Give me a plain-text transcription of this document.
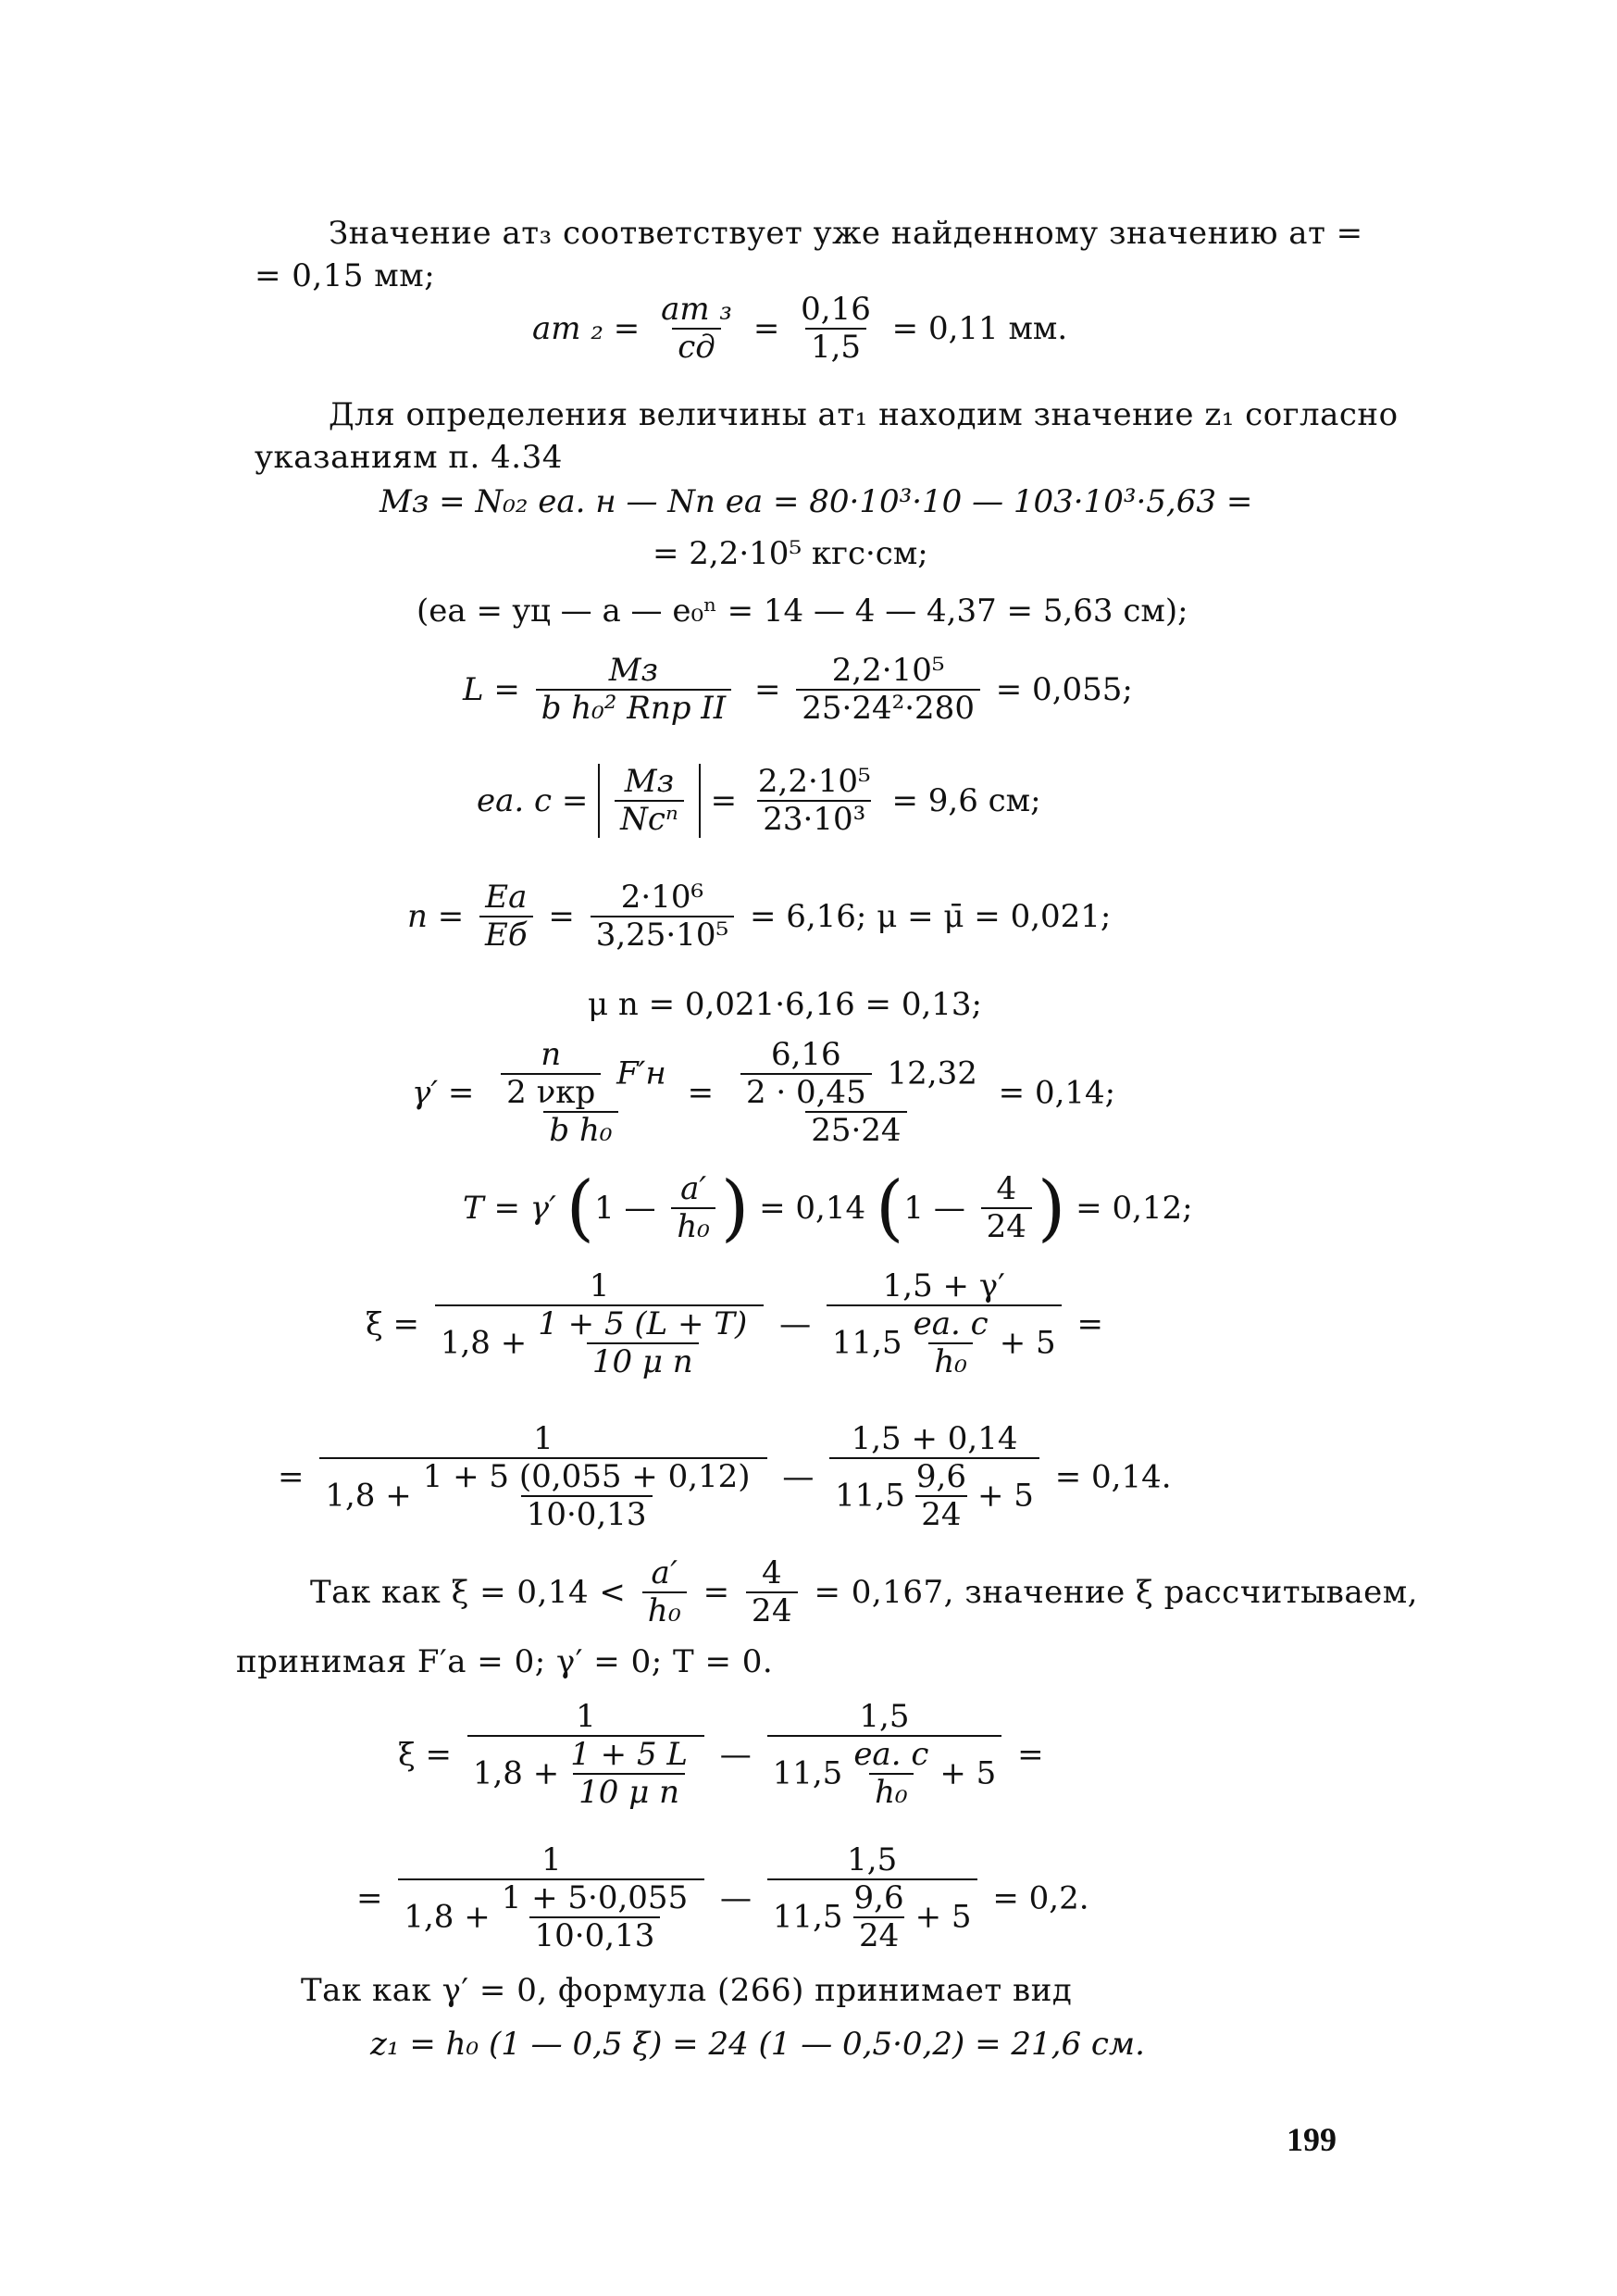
Значение aт₃ соответствует уже найденному значению aт =
= 0,15 мм;
aт $_2 = \frac{\text{aт ₃}}{cд} = \frac{0,16}{1,5} = 0,11$ мм.
Для определения величины aт₁ находим значение z₁ согласно
указаниям п. 4.34
Mз = N₀₂ eа. н — Nп eа = 80·10³·10 — 103·10³·5,63 =
= 2,2·10⁵ кгс·см;
(eа = yц — a — e₀ⁿ = 14 — 4 — 4,37 = 5,63 см);
$L = \frac{Mз}{\text{b h₀² Rпр II}} = \frac{\text{2,2·10⁵}}{\text{25·24²·280}} = 0,055$;
eа. $с = \frac{Mз}{\text{Nсⁿ}} = \frac{\text{2,2·10⁵}}{\text{23·10³}} = 9,6$ см;
$n = \frac{Eа}{Eб} = \frac{\text{2·10⁶}}{\text{3,25·10⁵}} = 6,16$; μ = μ̄ = 0,021;
μ n = 0,021·6,16 = 0,13;
$\gamma' = \frac{\frac{n}{\text{2 νкр}} F'н}{\text{b h₀}} = \frac{\frac{6,16}{2 \cdot 0,45} 12,32}{25\cdot 24} = 0,14$;
T = γ′ (1 — $\frac{a'}{\text{h₀}}$ ) = 0,14 (1 — $\frac{4}{24}$ ) = 0,12;
$\xi = \frac{1}{1,8 + \frac{1 + 5 (L + T)}{\text{10 μ n}}}$ — $\frac{1,5 + \gamma'}{11,5 \frac{eа. с}{\text{h₀}} + 5}$ =
= $\frac{1}{1,8 + \frac{1 + 5 (0,055 + 0,12)}{10\cdot 0,13}}$ — $\frac{1,5 + 0,14}{11,5 \frac{9,6}{24} + 5} = 0,14$.
Так как $\xi = 0,14 < \frac{a'}{\text{h₀}} = \frac{4}{24} = 0,167$, значение ξ рассчитываем,
принимая F′а = 0; γ′ = 0; T = 0.
$\xi = \frac{1}{1,8 + \frac{1 + 5 L}{\text{10 μ n}}}$ — $\frac{1,5}{11,5 \frac{eа. с}{\text{h₀}} + 5}$ =
= $\frac{1}{1,8 + \frac{1 + 5\cdot 0,055}{10\cdot 0,13}}$ — $\frac{1,5}{11,5 \frac{9,6}{24} + 5} = 0,2$.
Так как γ′ = 0, формула (266) принимает вид
z₁ = h₀ (1 — 0,5 ξ) = 24 (1 — 0,5·0,2) = 21,6 см.
199
